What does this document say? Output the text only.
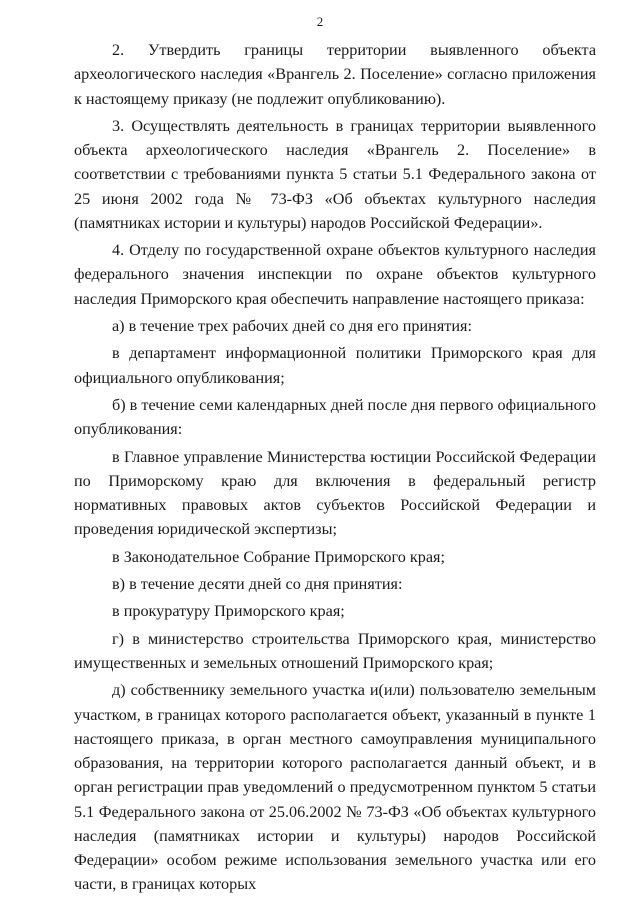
2

2. Утвердить границы территории выявленного объекта археологического наследия «Врангель 2. Поселение» согласно приложения к настоящему приказу (не подлежит опубликованию).

3. Осуществлять деятельность в границах территории выявленного объекта археологического наследия «Врангель 2. Поселение» в соответствии с требованиями пункта 5 статьи 5.1 Федерального закона от 25 июня 2002 года № 73-ФЗ «Об объектах культурного наследия (памятниках истории и культуры) народов Российской Федерации».

4. Отделу по государственной охране объектов культурного наследия федерального значения инспекции по охране объектов культурного наследия Приморского края обеспечить направление настоящего приказа:

а) в течение трех рабочих дней со дня его принятия:

в департамент информационной политики Приморского края для официального опубликования;

б) в течение семи календарных дней после дня первого официального опубликования:

в Главное управление Министерства юстиции Российской Федерации по Приморскому краю для включения в федеральный регистр нормативных правовых актов субъектов Российской Федерации и проведения юридической экспертизы;

в Законодательное Собрание Приморского края;

в) в течение десяти дней со дня принятия:

в прокуратуру Приморского края;

г) в министерство строительства Приморского края, министерство имущественных и земельных отношений Приморского края;

д) собственнику земельного участка и(или) пользователю земельным участком, в границах которого располагается объект, указанный в пункте 1 настоящего приказа, в орган местного самоуправления муниципального образования, на территории которого располагается данный объект, и в орган регистрации прав уведомлений о предусмотренном пунктом 5 статьи 5.1 Федерального закона от 25.06.2002 № 73-ФЗ «Об объектах культурного наследия (памятниках истории и культуры) народов Российской Федерации» особом режиме использования земельного участка или его части, в границах которых
